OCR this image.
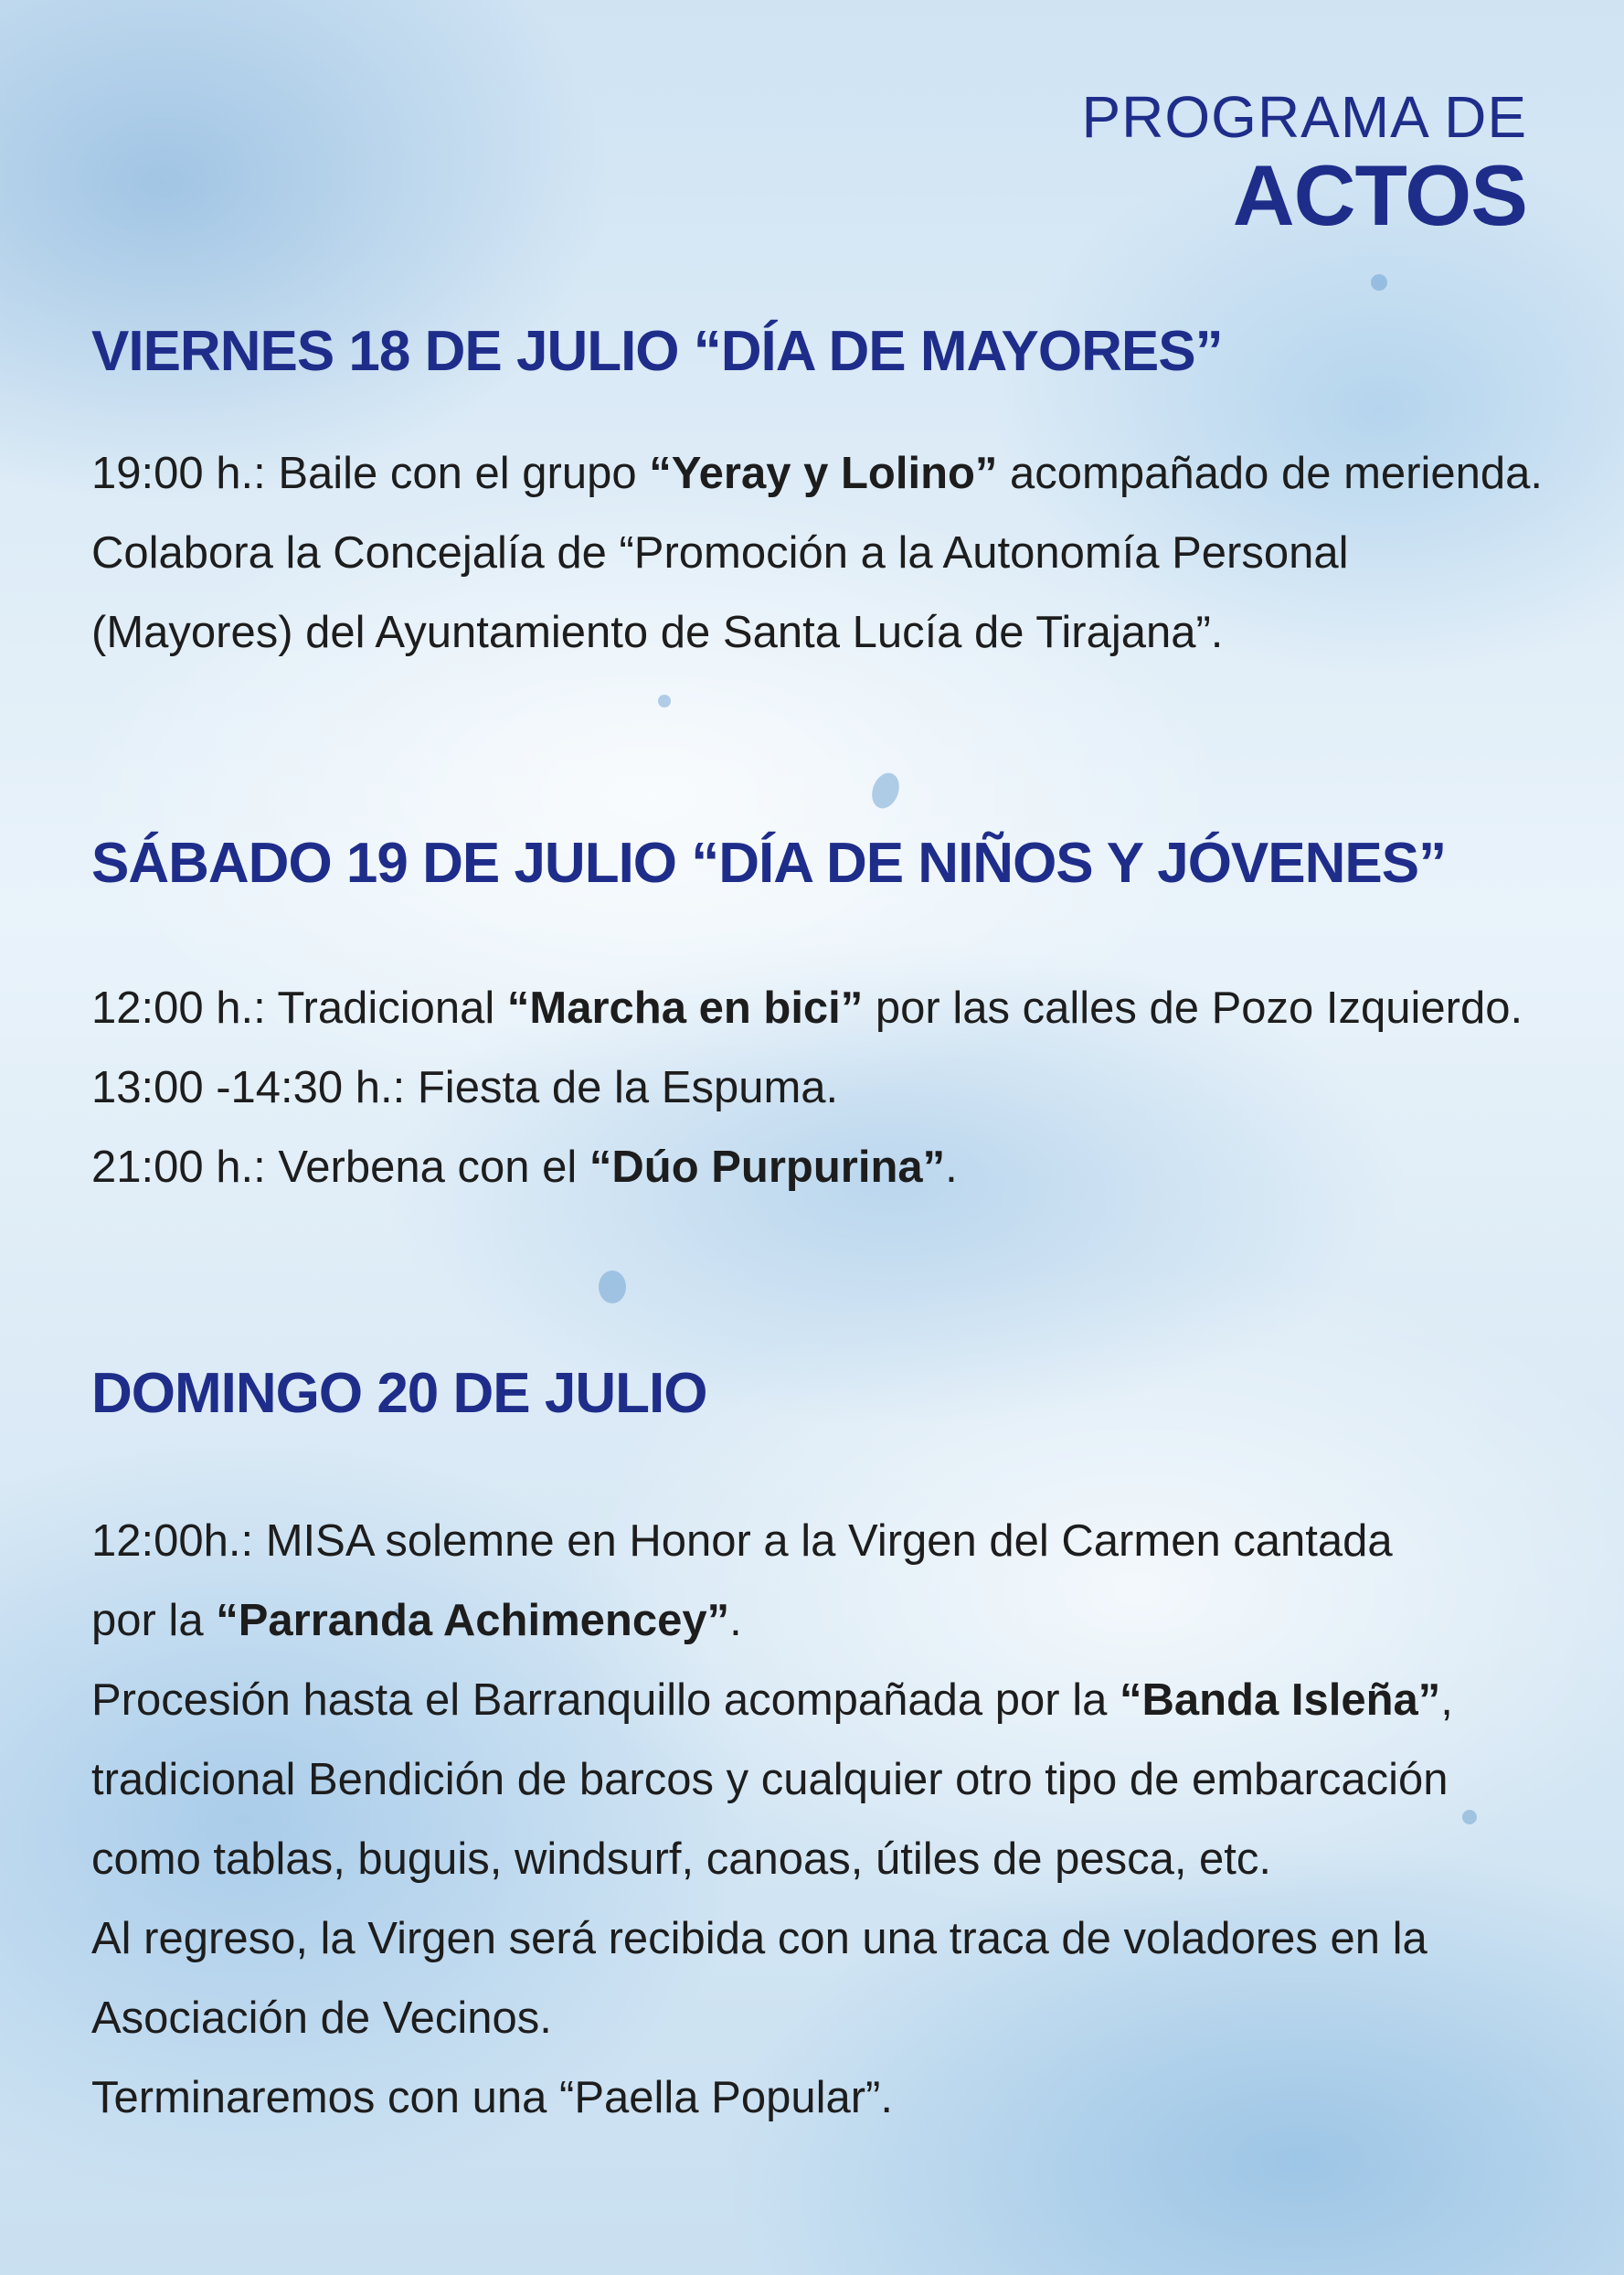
PROGRAMA DE
ACTOS
VIERNES 18 DE JULIO “DÍA DE MAYORES”

19:00 h.: Baile con el grupo “Yeray y Lolino” acompañado de merienda.

Colabora la Concejalía de “Promoción a la Autonomía Personal

(Mayores) del Ayuntamiento de Santa Lucía de Tirajana”.

SÁBADO 19 DE JULIO “DÍA DE NIÑOS Y JÓVENES”

12:00 h.: Tradicional “Marcha en bici” por las calles de Pozo Izquierdo.

13:00 -14:30 h.: Fiesta de la Espuma.

21:00 h.: Verbena con el “Dúo Purpurina”.

DOMINGO 20 DE JULIO

12:00h.: MISA solemne en Honor a la Virgen del Carmen cantada

por la “Parranda Achimencey”.

Procesión hasta el Barranquillo acompañada por la “Banda Isleña”,

tradicional Bendición de barcos y cualquier otro tipo de embarcación

como tablas, buguis, windsurf, canoas, útiles de pesca, etc.

Al regreso, la Virgen será recibida con una traca de voladores en la

Asociación de Vecinos.

Terminaremos con una “Paella Popular”.
